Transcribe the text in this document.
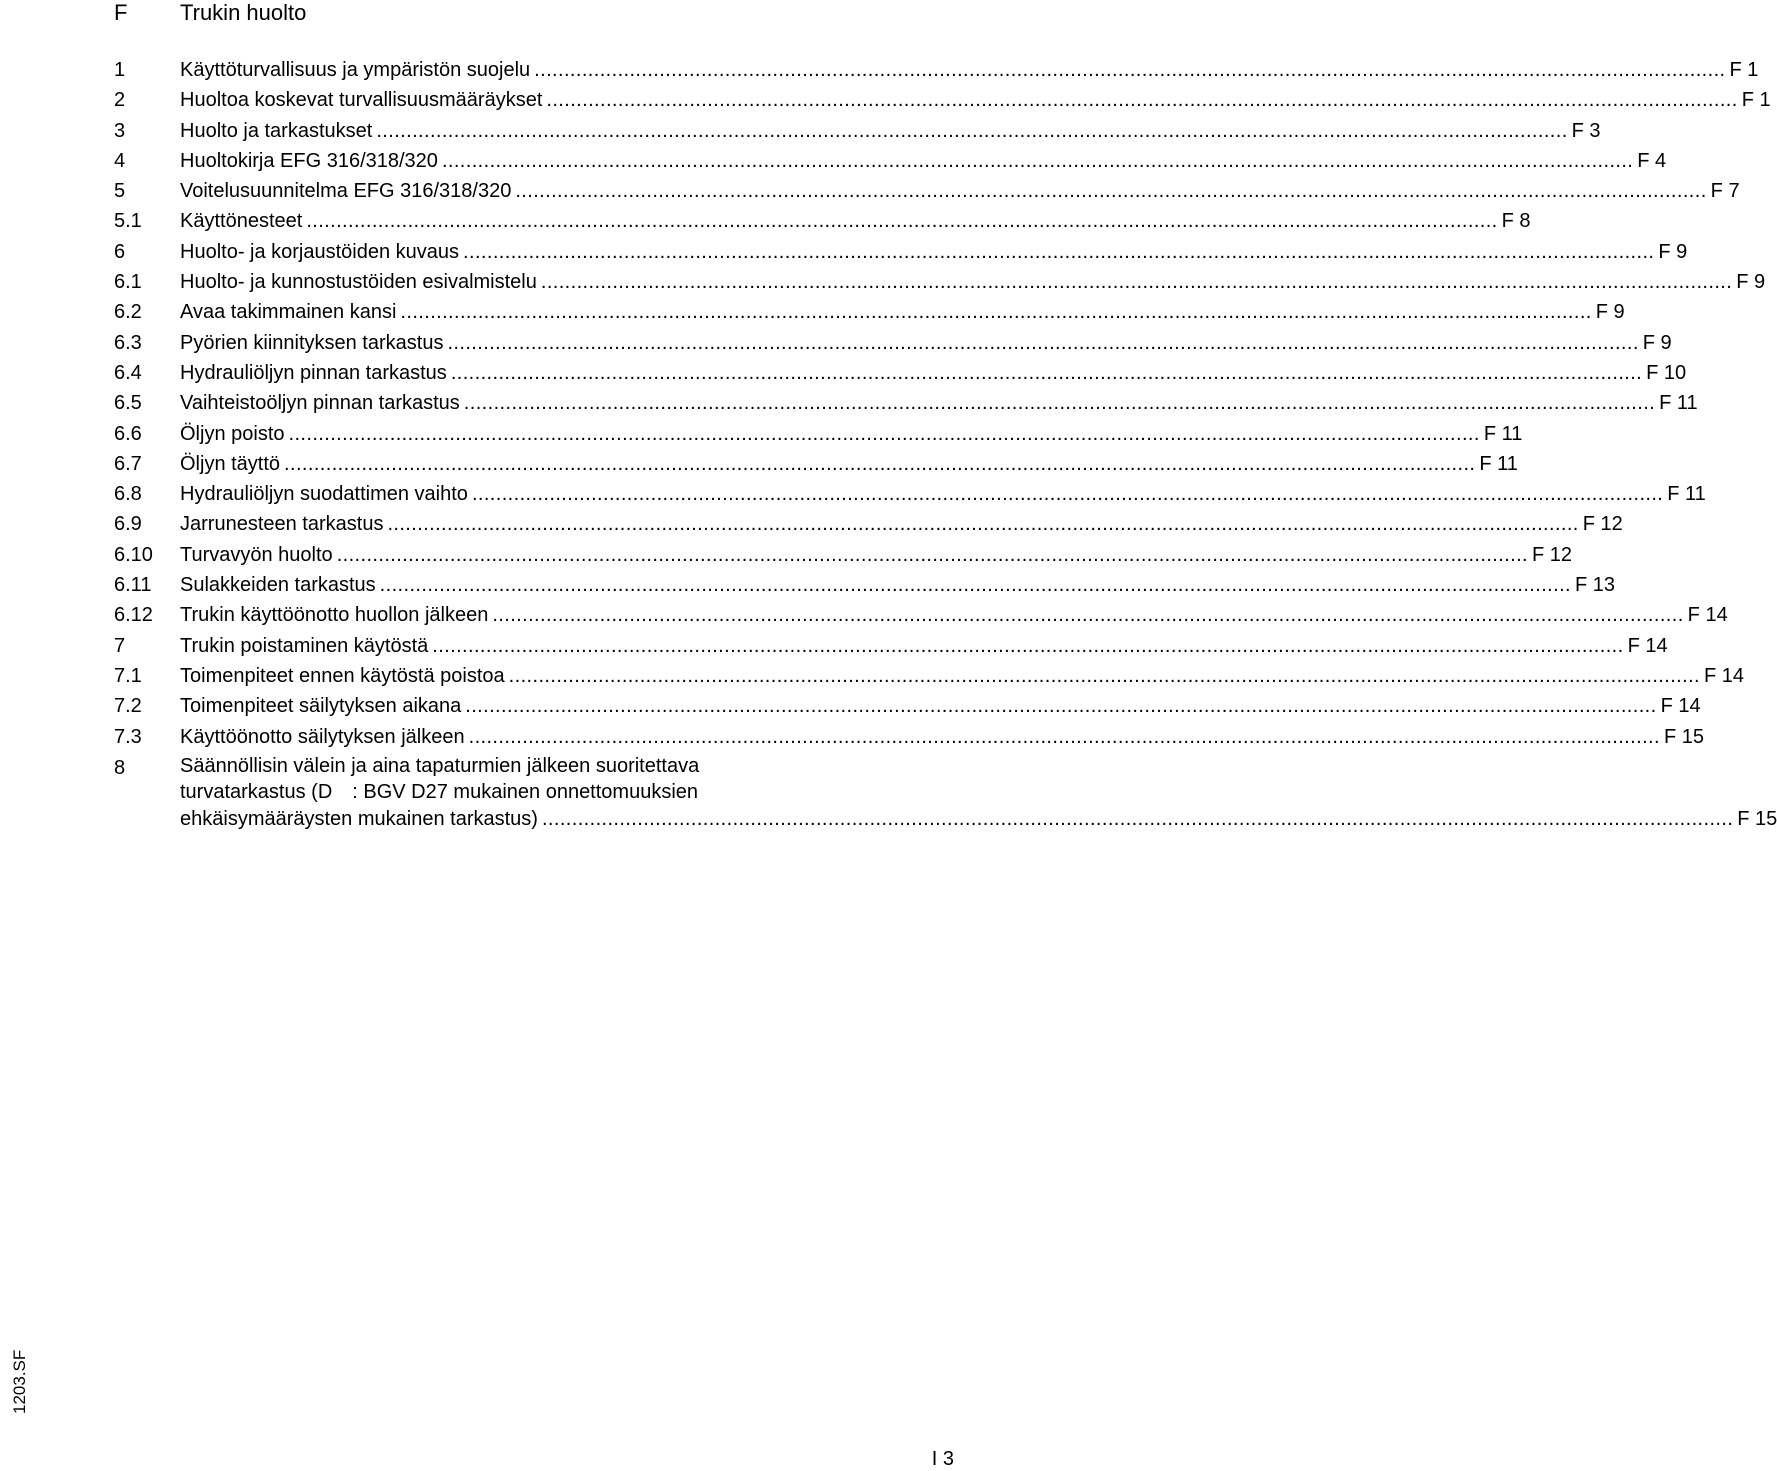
F Trukin huolto
1	Käyttöturvallisuus ja ympäristön suojelu ........................................................................................................................................................................................................ F 1
2	Huoltoa koskevat turvallisuusmääräykset ........................................................................................................................................................................................................ F 1
3	Huolto ja tarkastukset ........................................................................................................................................................................................................ F 3
4	Huoltokirja EFG 316/318/320 ........................................................................................................................................................................................................ F 4
5	Voitelusuunnitelma EFG 316/318/320 ........................................................................................................................................................................................................ F 7
5.1 Käyttönesteet ........................................................................................................................................................................................................ F 8
6	Huolto- ja korjaustöiden kuvaus ........................................................................................................................................................................................................ F 9
6.1 Huolto- ja kunnostustöiden esivalmistelu ........................................................................................................................................................................................................ F 9
6.2 Avaa takimmainen kansi ........................................................................................................................................................................................................ F 9
6.3 Pyörien kiinnityksen tarkastus ........................................................................................................................................................................................................ F 9
6.4 Hydrauliöljyn pinnan tarkastus ........................................................................................................................................................................................................ F 10
6.5 Vaihteistoöljyn pinnan tarkastus ........................................................................................................................................................................................................ F 11
6.6 Öljyn poisto ........................................................................................................................................................................................................ F 11
6.7 Öljyn täyttö ........................................................................................................................................................................................................ F 11
6.8 Hydrauliöljyn suodattimen vaihto ........................................................................................................................................................................................................ F 11
6.9 Jarrunesteen tarkastus ........................................................................................................................................................................................................ F 12
6.10 Turvavyön huolto ........................................................................................................................................................................................................ F 12
6.11 Sulakkeiden tarkastus ........................................................................................................................................................................................................ F 13
6.12 Trukin käyttöönotto huollon jälkeen ........................................................................................................................................................................................................ F 14
7	Trukin poistaminen käytöstä ........................................................................................................................................................................................................ F 14
7.1 Toimenpiteet ennen käytöstä poistoa ........................................................................................................................................................................................................ F 14
7.2 Toimenpiteet säilytyksen aikana ........................................................................................................................................................................................................ F 14
7.3 Käyttöönotto säilytyksen jälkeen ........................................................................................................................................................................................................ F 15
8	Säännöllisin välein ja aina tapaturmien jälkeen suoritettava
turvatarkastus (D : BGV D27 mukainen onnettomuuksien
ehkäisymääräysten mukainen tarkastus) ........................................................................................................................................................................................................ F 15
1203.SF
I 3
